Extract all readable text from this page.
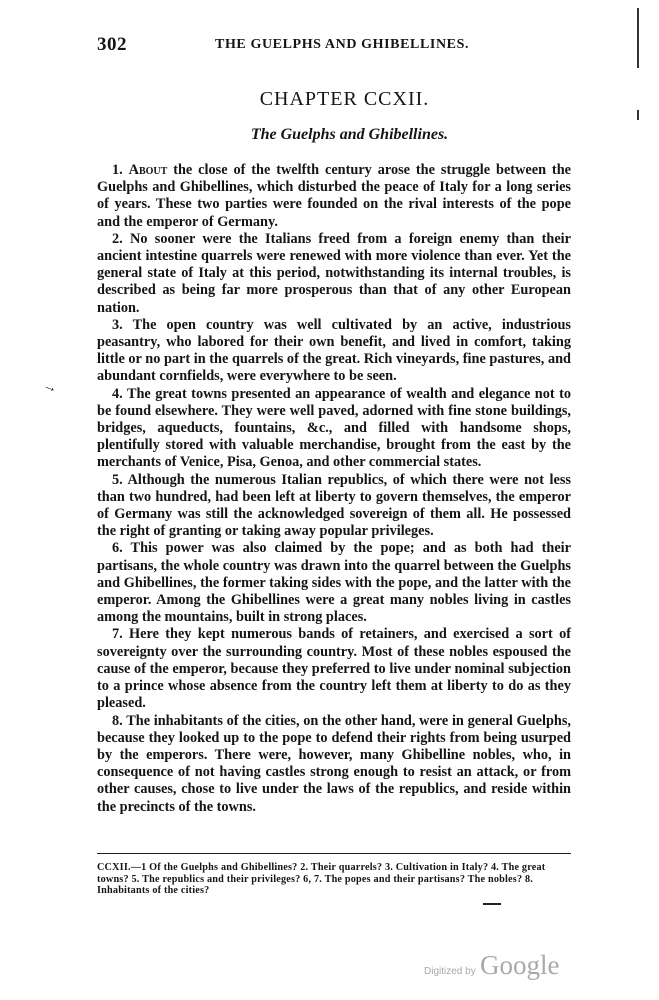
302	THE GUELPHS AND GHIBELLINES.
CHAPTER CCXII.
The Guelphs and Ghibellines.
→

1. About the close of the twelfth century arose the struggle between the Guelphs and Ghibellines, which disturbed the peace of Italy for a long series of years. These two parties were founded on the rival interests of the pope and the emperor of Germany.

2. No sooner were the Italians freed from a foreign enemy than their ancient intestine quarrels were renewed with more violence than ever. Yet the general state of Italy at this period, notwithstanding its internal troubles, is described as being far more prosperous than that of any other European nation.

3. The open country was well cultivated by an active, industrious peasantry, who labored for their own benefit, and lived in comfort, taking little or no part in the quarrels of the great. Rich vineyards, fine pastures, and abundant cornfields, were everywhere to be seen.

4. The great towns presented an appearance of wealth and elegance not to be found elsewhere. They were well paved, adorned with fine stone buildings, bridges, aqueducts, fountains, &c., and filled with handsome shops, plentifully stored with valuable merchandise, brought from the east by the merchants of Venice, Pisa, Genoa, and other commercial states.

5. Although the numerous Italian republics, of which there were not less than two hundred, had been left at liberty to govern themselves, the emperor of Germany was still the acknowledged sovereign of them all. He possessed the right of granting or taking away popular privileges.

6. This power was also claimed by the pope; and as both had their partisans, the whole country was drawn into the quarrel between the Guelphs and Ghibellines, the former taking sides with the pope, and the latter with the emperor. Among the Ghibellines were a great many nobles living in castles among the mountains, built in strong places.

7. Here they kept numerous bands of retainers, and exercised a sort of sovereignty over the surrounding country. Most of these nobles espoused the cause of the emperor, because they preferred to live under nominal subjection to a prince whose absence from the country left them at liberty to do as they pleased.

8. The inhabitants of the cities, on the other hand, were in general Guelphs, because they looked up to the pope to defend their rights from being usurped by the emperors. There were, however, many Ghibelline nobles, who, in consequence of not having castles strong enough to resist an attack, or from other causes, chose to live under the laws of the republics, and reside within the precincts of the towns.

CCXII.—1 Of the Guelphs and Ghibellines? 2. Their quarrels? 3. Cultivation in Italy? 4. The great towns? 5. The republics and their privileges? 6, 7. The popes and their partisans? The nobles? 8. Inhabitants of the cities?

Digitized by Google
